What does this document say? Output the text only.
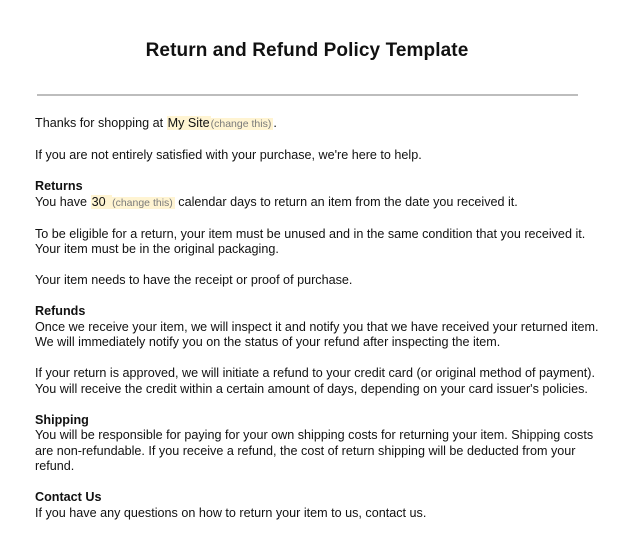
Return and Refund Policy Template

Thanks for shopping at My Site(change this) .

If you are not entirely satisfied with your purchase, we're here to help.

Returns
You have 30 (change this) calendar days to return an item from the date you received it.

To be eligible for a return, your item must be unused and in the same condition that you received it. Your item must be in the original packaging.

Your item needs to have the receipt or proof of purchase.

Refunds
Once we receive your item, we will inspect it and notify you that we have received your returned item. We will immediately notify you on the status of your refund after inspecting the item.

If your return is approved, we will initiate a refund to your credit card (or original method of payment). You will receive the credit within a certain amount of days, depending on your card issuer's policies.

Shipping
You will be responsible for paying for your own shipping costs for returning your item. Shipping costs are non-refundable. If you receive a refund, the cost of return shipping will be deducted from your refund.
Contact Us
If you have any questions on how to return your item to us, contact us.
